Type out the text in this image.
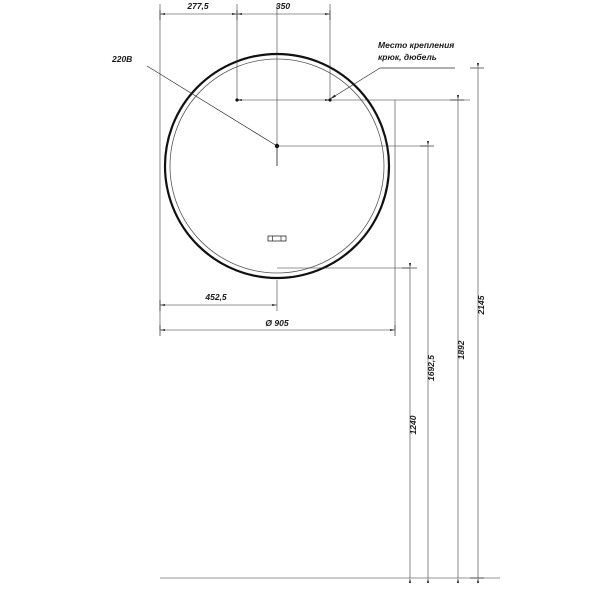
277,5	350
Место крепления
крюк, дюбель
220В
452,5
Ø 905
2145
1892
1692,5
1240
